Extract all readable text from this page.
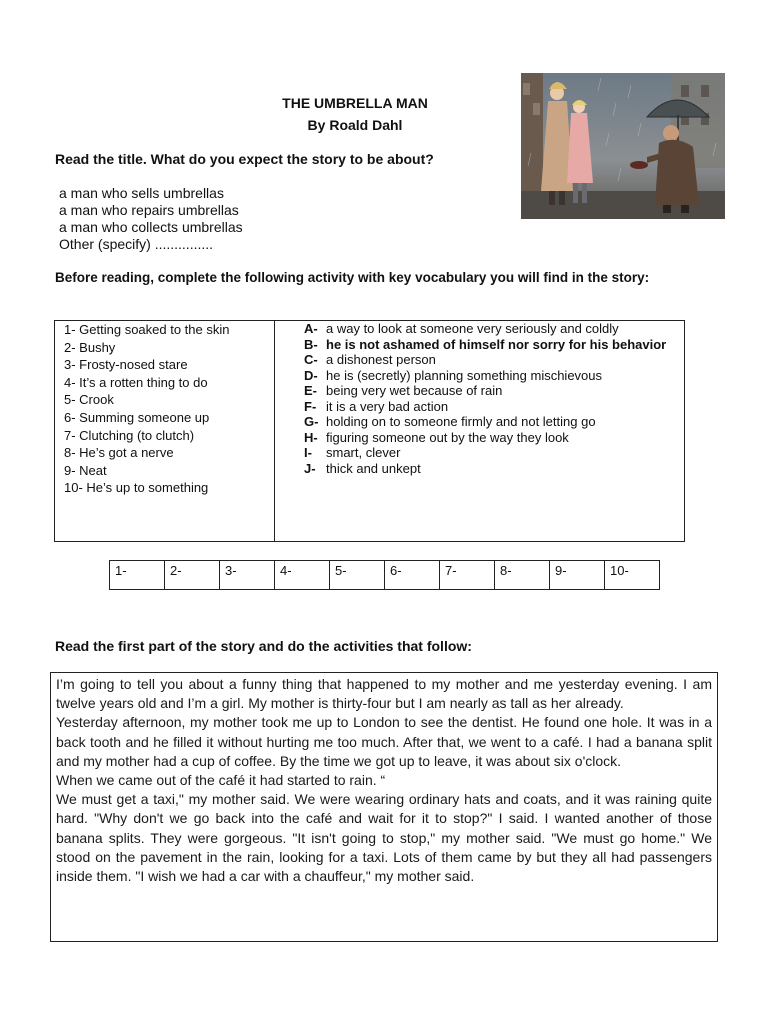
THE UMBRELLA MAN
By Roald Dahl
Read the title. What do you expect the story to be about?
a man who sells umbrellas
a man who repairs umbrellas
a man who collects umbrellas
Other (specify) ...............
Before reading, complete the following activity with key vocabulary you will find in the story:
1- Getting soaked to the skin
2- Bushy
3- Frosty-nosed stare
4- It’s a rotten thing to do
5- Crook
6- Summing someone up
7- Clutching (to clutch)
8- He’s got a nerve
9- Neat
10- He’s up to something
A- a way to look at someone very seriously and coldly
B- he is not ashamed of himself nor sorry for his behavior
C- a dishonest person
D- he is (secretly) planning something mischievous
E- being very wet because of rain
F- it is a very bad action
G- holding on to someone firmly and not letting go
H- figuring someone out by the way they look
I- smart, clever
J- thick and unkept
1-	2-	3-	4-	5-	6-	7-	8-	9-	10-
Read the first part of the story and do the activities that follow:

I’m going to tell you about a funny thing that happened to my mother and me yesterday evening. I am twelve years old and I’m a girl. My mother is thirty-four but I am nearly as tall as her already.

Yesterday afternoon, my mother took me up to London to see the dentist. He found one hole. It was in a back tooth and he filled it without hurting me too much. After that, we went to a café. I had a banana split and my mother had a cup of coffee. By the time we got up to leave, it was about six o'clock.

When we came out of the café it had started to rain. “

We must get a taxi," my mother said. We were wearing ordinary hats and coats, and it was raining quite hard. "Why don't we go back into the café and wait for it to stop?" I said. I wanted another of those banana splits. They were gorgeous. "It isn't going to stop," my mother said. "We must go home." We stood on the pavement in the rain, looking for a taxi. Lots of them came by but they all had passengers inside them. "I wish we had a car with a chauffeur," my mother said.
